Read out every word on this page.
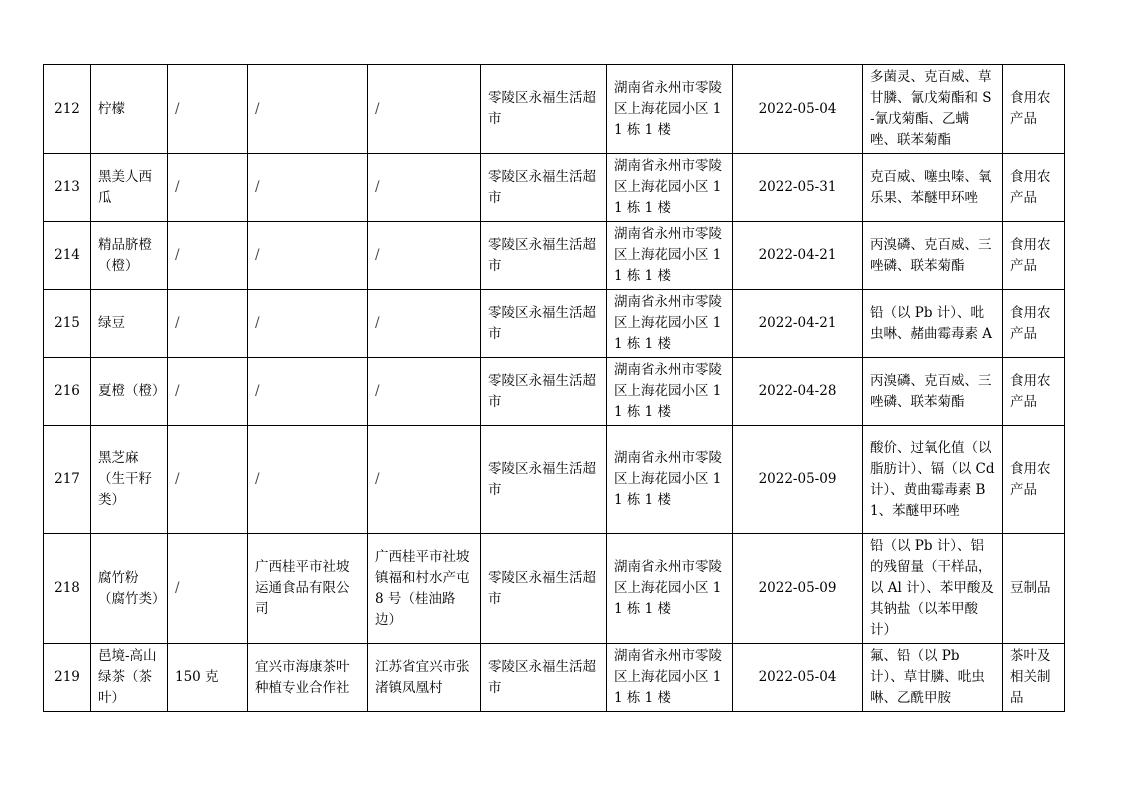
212	柠檬	/	/	/	零陵区永福生活超市	湖南省永州市零陵区上海花园小区 11 栋 1 楼	2022-05-04	多菌灵、克百威、草甘膦、氰戊菊酯和 S-氰戊菊酯、乙螨唑、联苯菊酯	食用农产品
213	黑美人西瓜	/	/	/	零陵区永福生活超市	湖南省永州市零陵区上海花园小区 11 栋 1 楼	2022-05-31	克百威、噻虫嗪、氧乐果、苯醚甲环唑	食用农产品
214	精品脐橙（橙）	/	/	/	零陵区永福生活超市	湖南省永州市零陵区上海花园小区 11 栋 1 楼	2022-04-21	丙溴磷、克百威、三唑磷、联苯菊酯	食用农产品
215	绿豆	/	/	/	零陵区永福生活超市	湖南省永州市零陵区上海花园小区 11 栋 1 楼	2022-04-21	铅（以 Pb 计）、吡虫啉、赭曲霉毒素 A	食用农产品
216	夏橙（橙）	/	/	/	零陵区永福生活超市	湖南省永州市零陵区上海花园小区 11 栋 1 楼	2022-04-28	丙溴磷、克百威、三唑磷、联苯菊酯	食用农产品
217	黑芝麻（生干籽类）	/	/	/	零陵区永福生活超市	湖南省永州市零陵区上海花园小区 11 栋 1 楼	2022-05-09	酸价、过氧化值（以脂肪计）、镉（以 Cd 计）、黄曲霉毒素 B1、苯醚甲环唑	食用农产品
218	腐竹粉（腐竹类）	/	广西桂平市社坡运通食品有限公司	广西桂平市社坡镇福和村水产屯 8 号（桂油路边）	零陵区永福生活超市	湖南省永州市零陵区上海花园小区 11 栋 1 楼	2022-05-09	铅（以 Pb 计）、铝的残留量（干样品，以 Al 计）、苯甲酸及其钠盐（以苯甲酸计）	豆制品
219	邑境-高山绿茶（茶叶）	150 克	宜兴市海康茶叶种植专业合作社	江苏省宜兴市张渚镇凤凰村	零陵区永福生活超市	湖南省永州市零陵区上海花园小区 11 栋 1 楼	2022-05-04	氟、铅（以 Pb 计）、草甘膦、吡虫啉、乙酰甲胺	茶叶及相关制品
